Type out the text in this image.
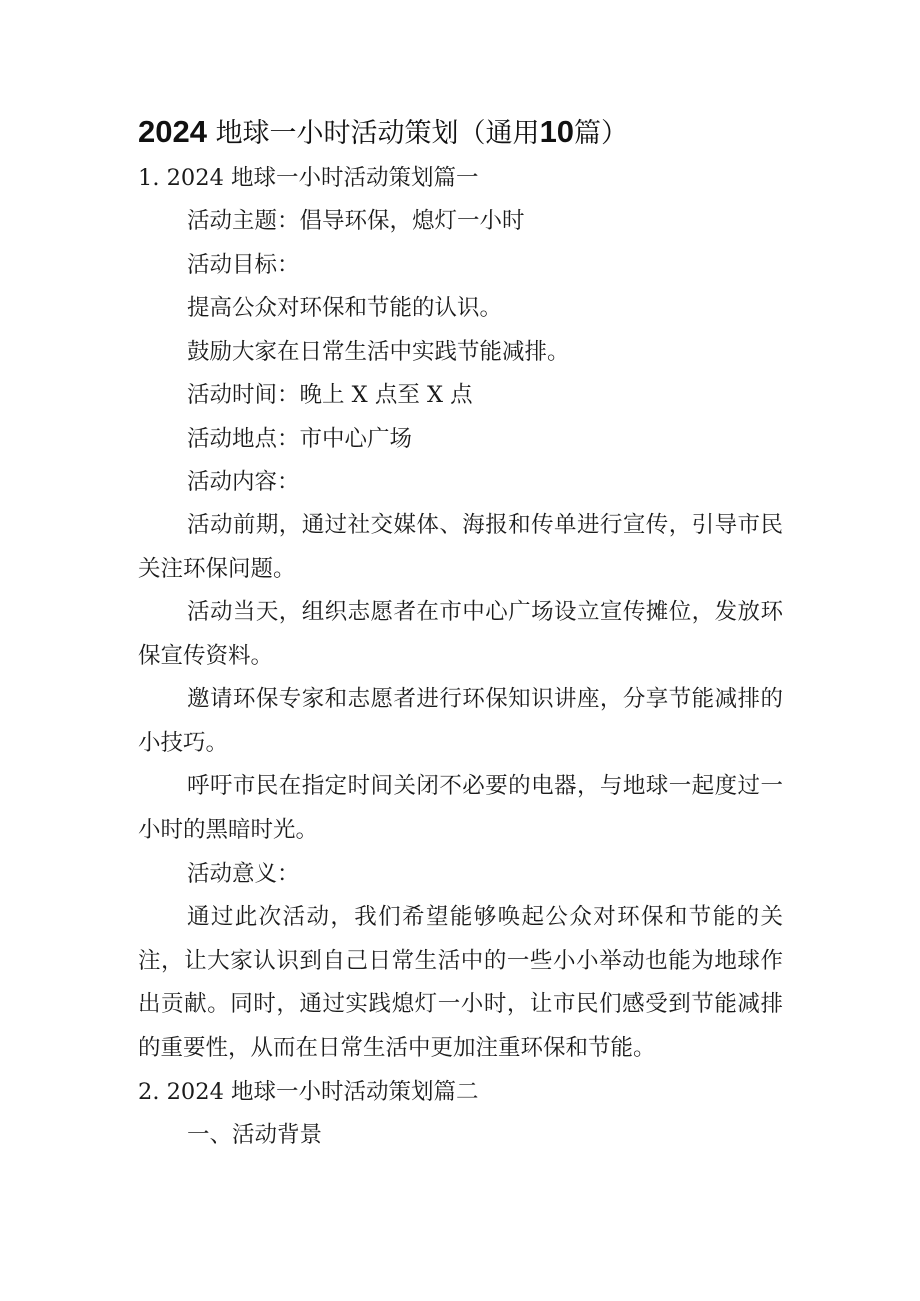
2024 地球一小时活动策划（通用10篇）
1. 2024 地球一小时活动策划篇一
活动主题：倡导环保，熄灯一小时
活动目标：
提高公众对环保和节能的认识。
鼓励大家在日常生活中实践节能减排。
活动时间：晚上 X 点至 X 点
活动地点：市中心广场
活动内容：
活动前期，通过社交媒体、海报和传单进行宣传，引导市民关注环保问题。
活动当天，组织志愿者在市中心广场设立宣传摊位，发放环保宣传资料。
邀请环保专家和志愿者进行环保知识讲座，分享节能减排的小技巧。
呼吁市民在指定时间关闭不必要的电器，与地球一起度过一小时的黑暗时光。
活动意义：
通过此次活动，我们希望能够唤起公众对环保和节能的关注，让大家认识到自己日常生活中的一些小小举动也能为地球作出贡献。同时，通过实践熄灯一小时，让市民们感受到节能减排的重要性，从而在日常生活中更加注重环保和节能。
2. 2024 地球一小时活动策划篇二
一、活动背景
